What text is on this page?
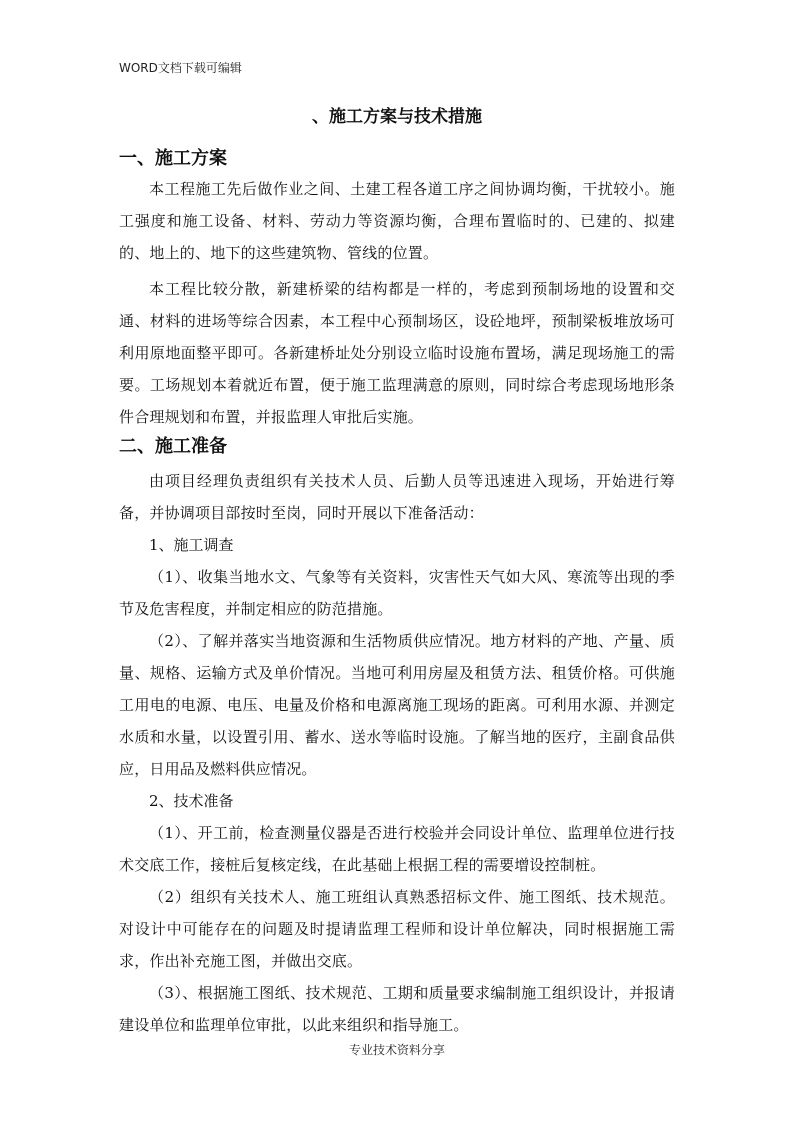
WORD文档下载可编辑
、施工方案与技术措施

一、施工方案

本工程施工先后做作业之间、土建工程各道工序之间协调均衡，干扰较小。施工强度和施工设备、材料、劳动力等资源均衡，合理布置临时的、已建的、拟建的、地上的、地下的这些建筑物、管线的位置。

本工程比较分散，新建桥梁的结构都是一样的，考虑到预制场地的设置和交通、材料的进场等综合因素，本工程中心预制场区，设砼地坪，预制梁板堆放场可利用原地面整平即可。各新建桥址处分别设立临时设施布置场，满足现场施工的需要。工场规划本着就近布置，便于施工监理满意的原则，同时综合考虑现场地形条件合理规划和布置，并报监理人审批后实施。

二、施工准备

由项目经理负责组织有关技术人员、后勤人员等迅速进入现场，开始进行筹备，并协调项目部按时至岗，同时开展以下准备活动：

1、施工调查

（1）、收集当地水文、气象等有关资料，灾害性天气如大风、寒流等出现的季节及危害程度，并制定相应的防范措施。

（2）、了解并落实当地资源和生活物质供应情况。地方材料的产地、产量、质量、规格、运输方式及单价情况。当地可利用房屋及租赁方法、租赁价格。可供施工用电的电源、电压、电量及价格和电源离施工现场的距离。可利用水源、并测定水质和水量，以设置引用、蓄水、送水等临时设施。了解当地的医疗，主副食品供应，日用品及燃料供应情况。

2、技术准备

（1）、开工前，检查测量仪器是否进行校验并会同设计单位、监理单位进行技术交底工作，接桩后复核定线，在此基础上根据工程的需要增设控制桩。

（2）组织有关技术人、施工班组认真熟悉招标文件、施工图纸、技术规范。对设计中可能存在的问题及时提请监理工程师和设计单位解决，同时根据施工需求，作出补充施工图，并做出交底。

（3）、根据施工图纸、技术规范、工期和质量要求编制施工组织设计，并报请建设单位和监理单位审批，以此来组织和指导施工。

专业技术资料分享
